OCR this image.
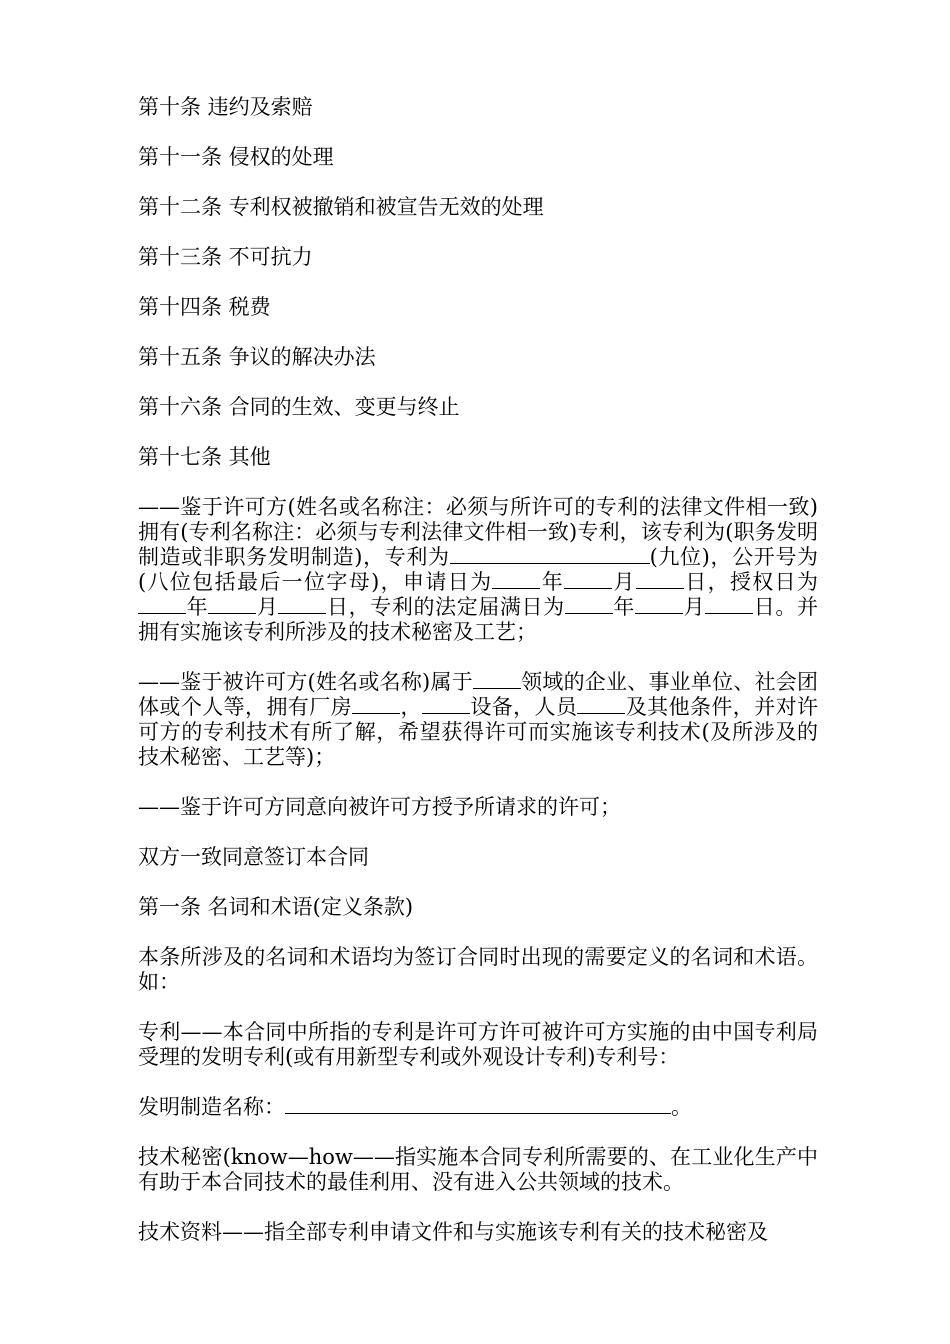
第十条 违约及索赔

第十一条 侵权的处理

第十二条 专利权被撤销和被宣告无效的处理

第十三条 不可抗力

第十四条 税费

第十五条 争议的解决办法

第十六条 合同的生效、变更与终止

第十七条 其他

——鉴于许可方(姓名或名称注：必须与所许可的专利的法律文件相一致)拥有(专利名称注：必须与专利法律文件相一致)专利，该专利为(职务发明制造或非职务发明制造)，专利为	(九位)，公开号为(八位包括最后一位字母)，申请日为 年 月 日，授权日为年 月 日，专利的法定届满日为 年 月 日。并拥有实施该专利所涉及的技术秘密及工艺；

——鉴于被许可方(姓名或名称)属于 领域的企业、事业单位、社会团体或个人等，拥有厂房 ， 设备，人员 及其他条件，并对许可方的专利技术有所了解，希望获得许可而实施该专利技术(及所涉及的技术秘密、工艺等)；

——鉴于许可方同意向被许可方授予所请求的许可；

双方一致同意签订本合同

第一条 名词和术语(定义条款)

本条所涉及的名词和术语均为签订合同时出现的需要定义的名词和术语。如：

专利——本合同中所指的专利是许可方许可被许可方实施的由中国专利局受理的发明专利(或有用新型专利或外观设计专利)专利号：

发明制造名称：	。

技术秘密(know—how——指实施本合同专利所需要的、在工业化生产中有助于本合同技术的最佳利用、没有进入公共领域的技术。

技术资料——指全部专利申请文件和与实施该专利有关的技术秘密及
